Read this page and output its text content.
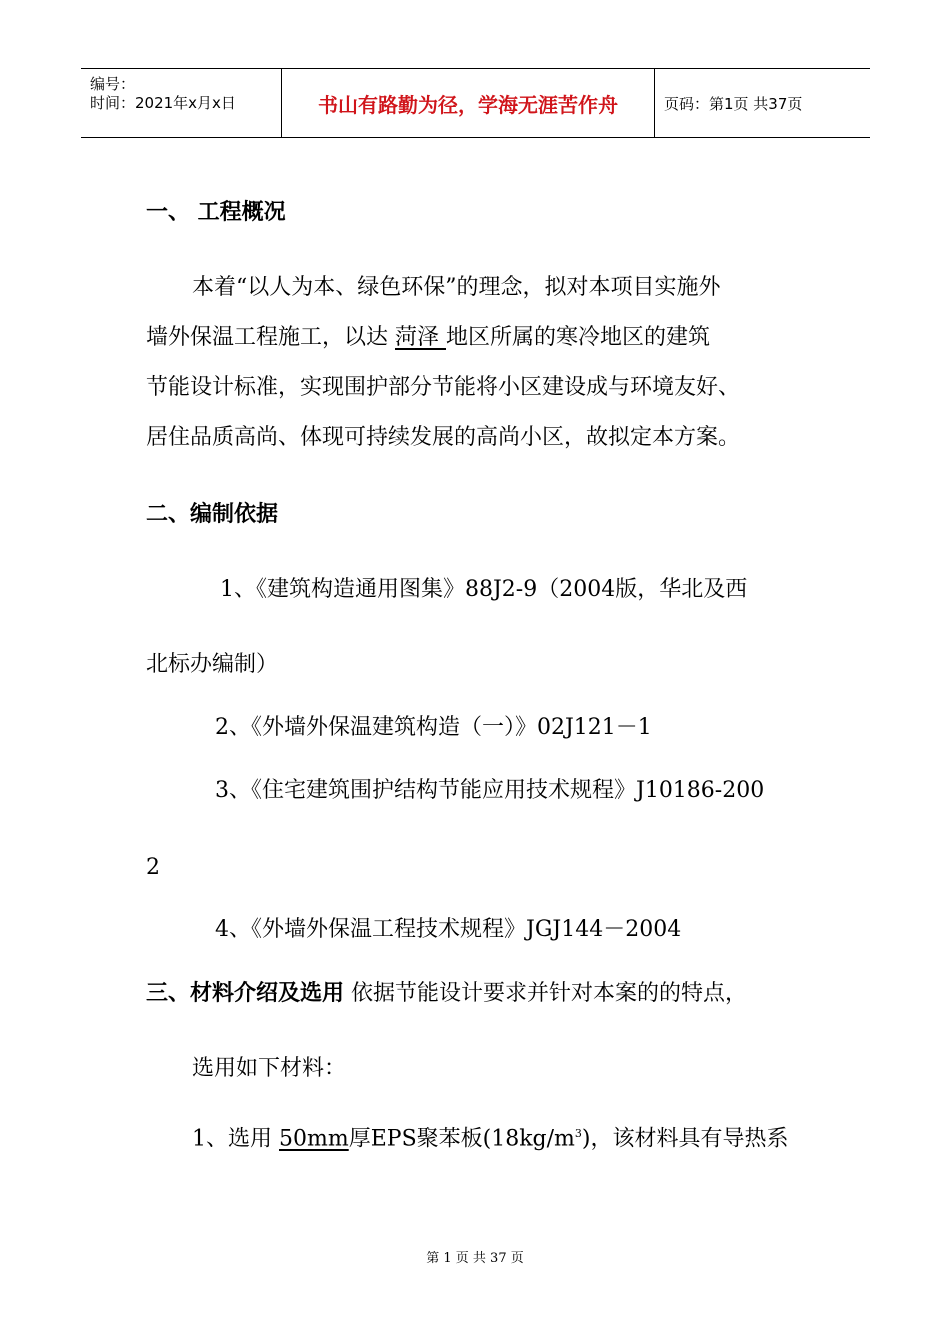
编号：
时间：2021年x月x日	书山有路勤为径，学海无涯苦作舟	页码：第1页 共37页
一、 工程概况
本着“以人为本、绿色环保”的理念，拟对本项目实施外
墙外保温工程施工，以达 菏泽 地区所属的寒冷地区的建筑
节能设计标准，实现围护部分节能将小区建设成与环境友好、
居住品质高尚、体现可持续发展的高尚小区，故拟定本方案。
二、编制依据
1、《建筑构造通用图集》88J2-9（2004版，华北及西
北标办编制）
2、《外墙外保温建筑构造（一）》02J121－1
3、《住宅建筑围护结构节能应用技术规程》J10186-200
2
4、《外墙外保温工程技术规程》JGJ144－2004
三、材料介绍及选用 依据节能设计要求并针对本案的的特点，
选用如下材料：
1、选用 50mm厚EPS聚苯板$(18kg/m^3)$，该材料具有导热系
第 1 页 共 37 页
